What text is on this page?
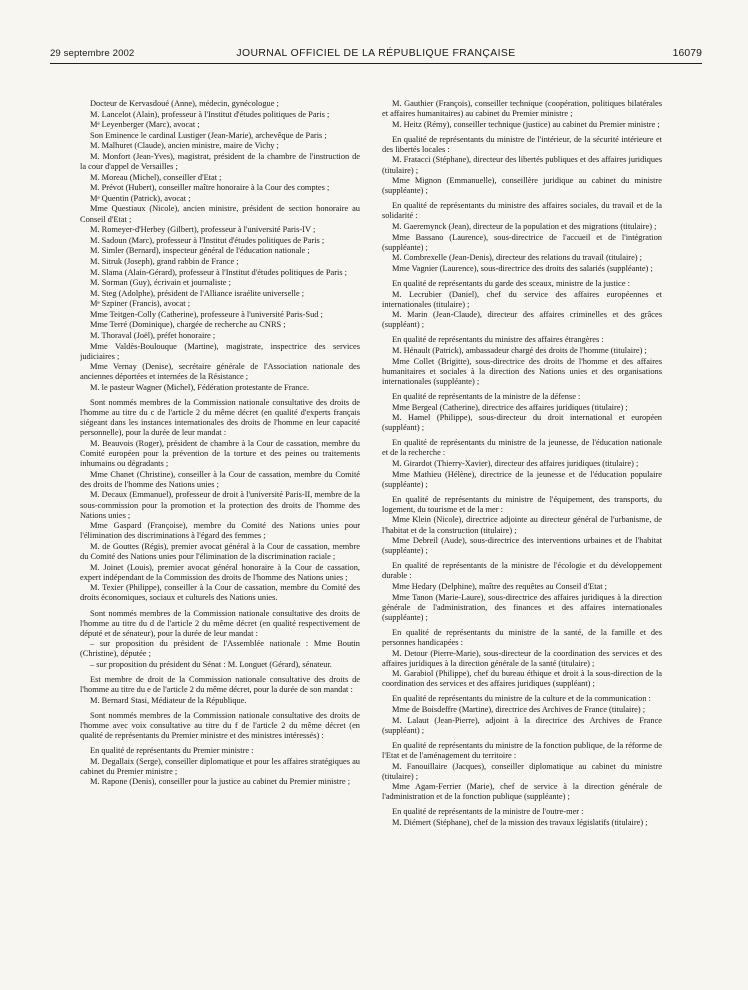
29 septembre 2002	JOURNAL OFFICIEL DE LA RÉPUBLIQUE FRANÇAISE	16079

Docteur de Kervasdoué (Anne), médecin, gynécologue ;

M. Lancelot (Alain), professeur à l'Institut d'études politiques de Paris ;

Mᵉ Leyenberger (Marc), avocat ;

Son Eminence le cardinal Lustiger (Jean-Marie), archevêque de Paris ;

M. Malhuret (Claude), ancien ministre, maire de Vichy ;

M. Monfort (Jean-Yves), magistrat, président de la chambre de l'instruction de la cour d'appel de Versailles ;

M. Moreau (Michel), conseiller d'Etat ;

M. Prévot (Hubert), conseiller maître honoraire à la Cour des comptes ;

Mᵉ Quentin (Patrick), avocat ;

Mme Questiaux (Nicole), ancien ministre, président de section honoraire au Conseil d'Etat ;

M. Romeyer-d'Herbey (Gilbert), professeur à l'université Paris-IV ;

M. Sadoun (Marc), professeur à l'Institut d'études politiques de Paris ;

M. Simler (Bernard), inspecteur général de l'éducation nationale ;

M. Sitruk (Joseph), grand rabbin de France ;

M. Slama (Alain-Gérard), professeur à l'Institut d'études politiques de Paris ;

M. Sorman (Guy), écrivain et journaliste ;

M. Steg (Adolphe), président de l'Alliance israélite universelle ;

Mᵉ Szpiner (Francis), avocat ;

Mme Teitgen-Colly (Catherine), professeure à l'université Paris-Sud ;

Mme Terré (Dominique), chargée de recherche au CNRS ;

M. Thoraval (Joël), préfet honoraire ;

Mme Valdès-Boulouque (Martine), magistrate, inspectrice des services judiciaires ;

Mme Vernay (Denise), secrétaire générale de l'Association nationale des anciennes déportées et internées de la Résistance ;

M. le pasteur Wagner (Michel), Fédération protestante de France.

Sont nommés membres de la Commission nationale consultative des droits de l'homme au titre du c de l'article 2 du même décret (en qualité d'experts français siégeant dans les instances internationales des droits de l'homme en leur capacité personnelle), pour la durée de leur mandat :

M. Beauvois (Roger), président de chambre à la Cour de cassation, membre du Comité européen pour la prévention de la torture et des peines ou traitements inhumains ou dégradants ;

Mme Chanet (Christine), conseiller à la Cour de cassation, membre du Comité des droits de l'homme des Nations unies ;

M. Decaux (Emmanuel), professeur de droit à l'université Paris-II, membre de la sous-commission pour la promotion et la protection des droits de l'homme des Nations unies ;

Mme Gaspard (Françoise), membre du Comité des Nations unies pour l'élimination des discriminations à l'égard des femmes ;

M. de Gouttes (Régis), premier avocat général à la Cour de cassation, membre du Comité des Nations unies pour l'élimination de la discrimination raciale ;

M. Joinet (Louis), premier avocat général honoraire à la Cour de cassation, expert indépendant de la Commission des droits de l'homme des Nations unies ;

M. Texier (Philippe), conseiller à la Cour de cassation, membre du Comité des droits économiques, sociaux et culturels des Nations unies.

Sont nommés membres de la Commission nationale consultative des droits de l'homme au titre du d de l'article 2 du même décret (en qualité respectivement de député et de sénateur), pour la durée de leur mandat :

– sur proposition du président de l'Assemblée nationale : Mme Boutin (Christine), députée ;

– sur proposition du président du Sénat : M. Longuet (Gérard), sénateur.

Est membre de droit de la Commission nationale consultative des droits de l'homme au titre du e de l'article 2 du même décret, pour la durée de son mandat :

M. Bernard Stasi, Médiateur de la République.

Sont nommés membres de la Commission nationale consultative des droits de l'homme avec voix consultative au titre du f de l'article 2 du même décret (en qualité de représentants du Premier ministre et des ministres intéressés) :

En qualité de représentants du Premier ministre :

M. Degallaix (Serge), conseiller diplomatique et pour les affaires stratégiques au cabinet du Premier ministre ;

M. Rapone (Denis), conseiller pour la justice au cabinet du Premier ministre ;

M. Gauthier (François), conseiller technique (coopération, politiques bilatérales et affaires humanitaires) au cabinet du Premier ministre ;

M. Heitz (Rémy), conseiller technique (justice) au cabinet du Premier ministre ;

En qualité de représentants du ministre de l'intérieur, de la sécurité intérieure et des libertés locales :

M. Fratacci (Stéphane), directeur des libertés publiques et des affaires juridiques (titulaire) ;

Mme Mignon (Emmanuelle), conseillère juridique au cabinet du ministre (suppléante) ;

En qualité de représentants du ministre des affaires sociales, du travail et de la solidarité :

M. Gaeremynck (Jean), directeur de la population et des migrations (titulaire) ;

Mme Bassano (Laurence), sous-directrice de l'accueil et de l'intégration (suppléante) ;

M. Combrexelle (Jean-Denis), directeur des relations du travail (titulaire) ;

Mme Vagnier (Laurence), sous-directrice des droits des salariés (suppléante) ;

En qualité de représentants du garde des sceaux, ministre de la justice :

M. Lecrubier (Daniel), chef du service des affaires européennes et internationales (titulaire) ;

M. Marin (Jean-Claude), directeur des affaires criminelles et des grâces (suppléant) ;

En qualité de représentants du ministre des affaires étrangères :

M. Hénault (Patrick), ambassadeur chargé des droits de l'homme (titulaire) ;

Mme Collet (Brigitte), sous-directrice des droits de l'homme et des affaires humanitaires et sociales à la direction des Nations unies et des organisations internationales (suppléante) ;

En qualité de représentants de la ministre de la défense :

Mme Bergeal (Catherine), directrice des affaires juridiques (titulaire) ;

M. Hamel (Philippe), sous-directeur du droit international et européen (suppléant) ;

En qualité de représentants du ministre de la jeunesse, de l'éducation nationale et de la recherche :

M. Girardot (Thierry-Xavier), directeur des affaires juridiques (titulaire) ;

Mme Mathieu (Hélène), directrice de la jeunesse et de l'éducation populaire (suppléante) ;

En qualité de représentants du ministre de l'équipement, des transports, du logement, du tourisme et de la mer :

Mme Klein (Nicole), directrice adjointe au directeur général de l'urbanisme, de l'habitat et de la construction (titulaire) ;

Mme Debreil (Aude), sous-directrice des interventions urbaines et de l'habitat (suppléante) ;

En qualité de représentants de la ministre de l'écologie et du développement durable :

Mme Hedary (Delphine), maître des requêtes au Conseil d'Etat ;

Mme Tanon (Marie-Laure), sous-directrice des affaires juridiques à la direction générale de l'administration, des finances et des affaires internationales (suppléante) ;

En qualité de représentants du ministre de la santé, de la famille et des personnes handicapées :

M. Detour (Pierre-Marie), sous-directeur de la coordination des services et des affaires juridiques à la direction générale de la santé (titulaire) ;

M. Garabiol (Philippe), chef du bureau éthique et droit à la sous-direction de la coordination des services et des affaires juridiques (suppléant) ;

En qualité de représentants du ministre de la culture et de la communication :

Mme de Boisdeffre (Martine), directrice des Archives de France (titulaire) ;

M. Lalaut (Jean-Pierre), adjoint à la directrice des Archives de France (suppléant) ;

En qualité de représentants du ministre de la fonction publique, de la réforme de l'Etat et de l'aménagement du territoire :

M. Fanouillaire (Jacques), conseiller diplomatique au cabinet du ministre (titulaire) ;

Mme Agam-Ferrier (Marie), chef de service à la direction générale de l'administration et de la fonction publique (suppléante) ;

En qualité de représentants de la ministre de l'outre-mer :

M. Diémert (Stéphane), chef de la mission des travaux législatifs (titulaire) ;
